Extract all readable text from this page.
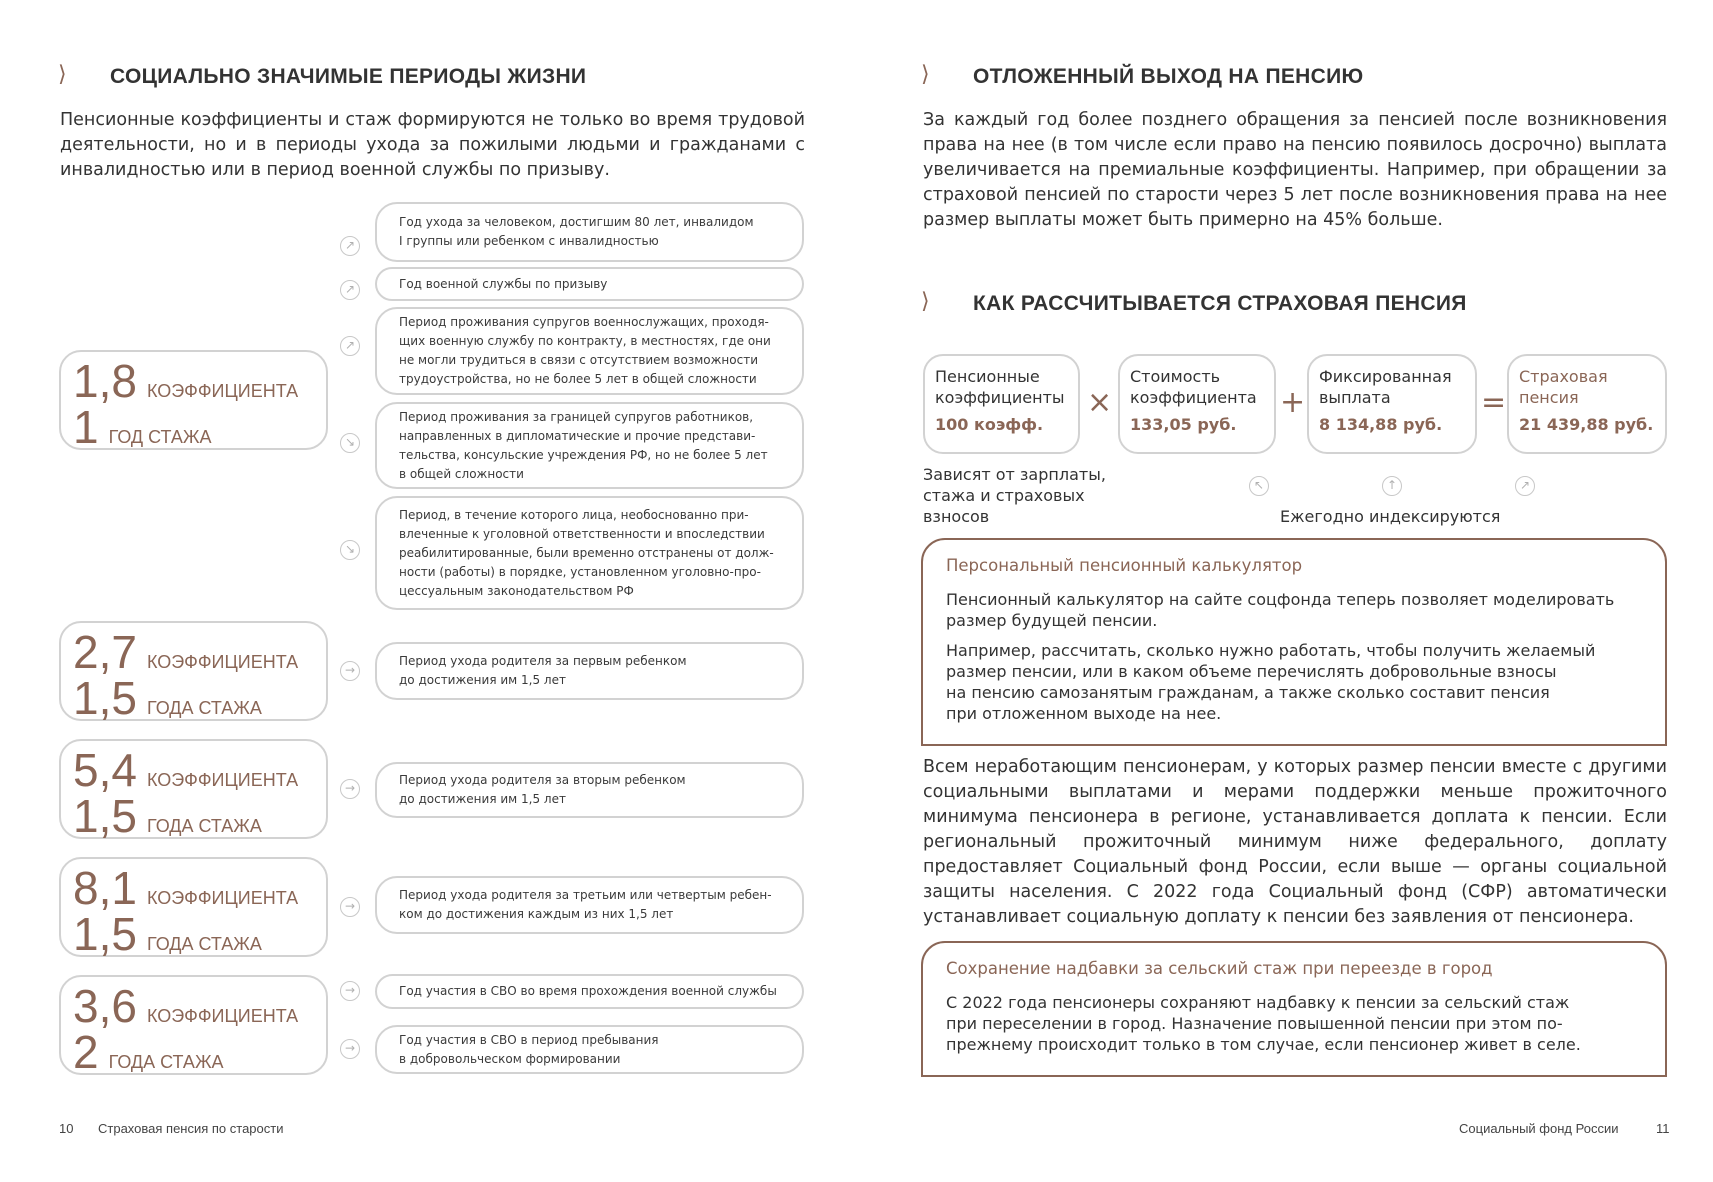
⟩ СОЦИАЛЬНО ЗНАЧИМЫЕ ПЕРИОДЫ ЖИЗНИ
Пенсионные коэффициенты и стаж формируются не только во время трудовой деятельности, но и в периоды ухода за пожилыми людьми и гражданами с инвалидностью или в период военной службы по призыву.
1,8 КОЭФФИЦИЕНТА
1 ГОД СТАЖА
2,7 КОЭФФИЦИЕНТА
1,5 ГОДА СТАЖА
5,4 КОЭФФИЦИЕНТА
1,5 ГОДА СТАЖА
8,1 КОЭФФИЦИЕНТА
1,5 ГОДА СТАЖА
3,6 КОЭФФИЦИЕНТА
2 ГОДА СТАЖА
↗
↗
↗
↘
↘
→
→
→
→
→
Год ухода за человеком, достигшим 80 лет, инвалидом
I группы или ребенком с инвалидностью
Год военной службы по призыву
Период проживания супругов военнослужащих, проходя-
щих военную службу по контракту, в местностях, где они
не могли трудиться в связи с отсутствием возможности
трудоустройства, но не более 5 лет в общей сложности
Период проживания за границей супругов работников,
направленных в дипломатические и прочие представи-
тельства, консульские учреждения РФ, но не более 5 лет
в общей сложности
Период, в течение которого лица, необоснованно при-
влеченные к уголовной ответственности и впоследствии
реабилитированные, были временно отстранены от долж-
ности (работы) в порядке, установленном уголовно-про-
цессуальным законодательством РФ
Период ухода родителя за первым ребенком
до достижения им 1,5 лет
Период ухода родителя за вторым ребенком
до достижения им 1,5 лет
Период ухода родителя за третьим или четвертым ребен-
ком до достижения каждым из них 1,5 лет
Год участия в СВО во время прохождения военной службы
Год участия в СВО в период пребывания
в добровольческом формировании
10 Страховая пенсия по старости
⟩ ОТЛОЖЕННЫЙ ВЫХОД НА ПЕНСИЮ
За каждый год более позднего обращения за пенсией после возникновения права на нее (в том числе если право на пенсию появилось досрочно) выплата увеличивается на премиальные коэффициенты. Например, при обращении за страховой пенсией по старости через 5 лет после возникновения права на нее размер выплаты может быть примерно на 45% больше.
⟩ КАК РАССЧИТЫВАЕТСЯ СТРАХОВАЯ ПЕНСИЯ
Пенсионные
коэффициенты
100 коэфф.
×
Стоимость
коэффициента
133,05 руб.
+
Фиксированная
выплата
8 134,88 руб.
=
Страховая
пенсия
21 439,88 руб.
Зависят от зарплаты,
стажа и страховых
взносов
↖	↑	↗
Ежегодно индексируются
Персональный пенсионный калькулятор
Пенсионный калькулятор на сайте соцфонда теперь позволяет моделировать
размер будущей пенсии.
Например, рассчитать, сколько нужно работать, чтобы получить желаемый
размер пенсии, или в каком объеме перечислять добровольные взносы
на пенсию самозанятым гражданам, а также сколько составит пенсия
при отложенном выходе на нее.
Всем неработающим пенсионерам, у которых размер пенсии вместе с другими социальными выплатами и мерами поддержки меньше прожиточного минимума пенсионера в регионе, устанавливается доплата к пенсии. Если региональный прожиточный минимум ниже федерального, доплату предоставляет Социальный фонд России, если выше — органы социальной защиты населения. С 2022 года Социальный фонд (СФР) автоматически устанавливает социальную доплату к пенсии без заявления от пенсионера.
Сохранение надбавки за сельский стаж при переезде в город
С 2022 года пенсионеры сохраняют надбавку к пенсии за сельский стаж
при переселении в город. Назначение повышенной пенсии при этом по-
прежнему происходит только в том случае, если пенсионер живет в селе.
Социальный фонд России	11
